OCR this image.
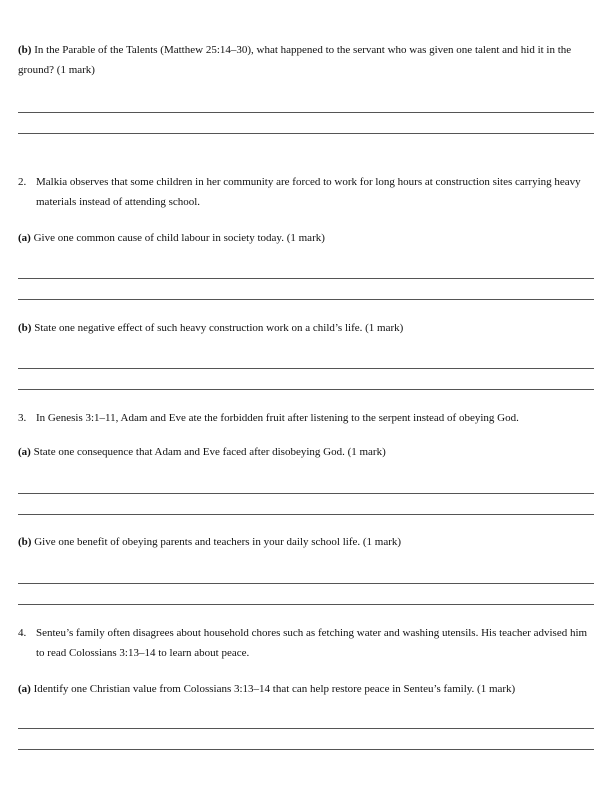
(b) In the Parable of the Talents (Matthew 25:14–30), what happened to the servant who was given one talent and hid it in the ground? (1 mark)

2. Malkia observes that some children in her community are forced to work for long hours at construction sites carrying heavy materials instead of attending school.

(a) Give one common cause of child labour in society today. (1 mark)

(b) State one negative effect of such heavy construction work on a child’s life. (1 mark)

3. In Genesis 3:1–11, Adam and Eve ate the forbidden fruit after listening to the serpent instead of obeying God.

(a) State one consequence that Adam and Eve faced after disobeying God. (1 mark)

(b) Give one benefit of obeying parents and teachers in your daily school life. (1 mark)

4. Senteu’s family often disagrees about household chores such as fetching water and washing utensils. His teacher advised him to read Colossians 3:13–14 to learn about peace.

(a) Identify one Christian value from Colossians 3:13–14 that can help restore peace in Senteu’s family. (1 mark)
